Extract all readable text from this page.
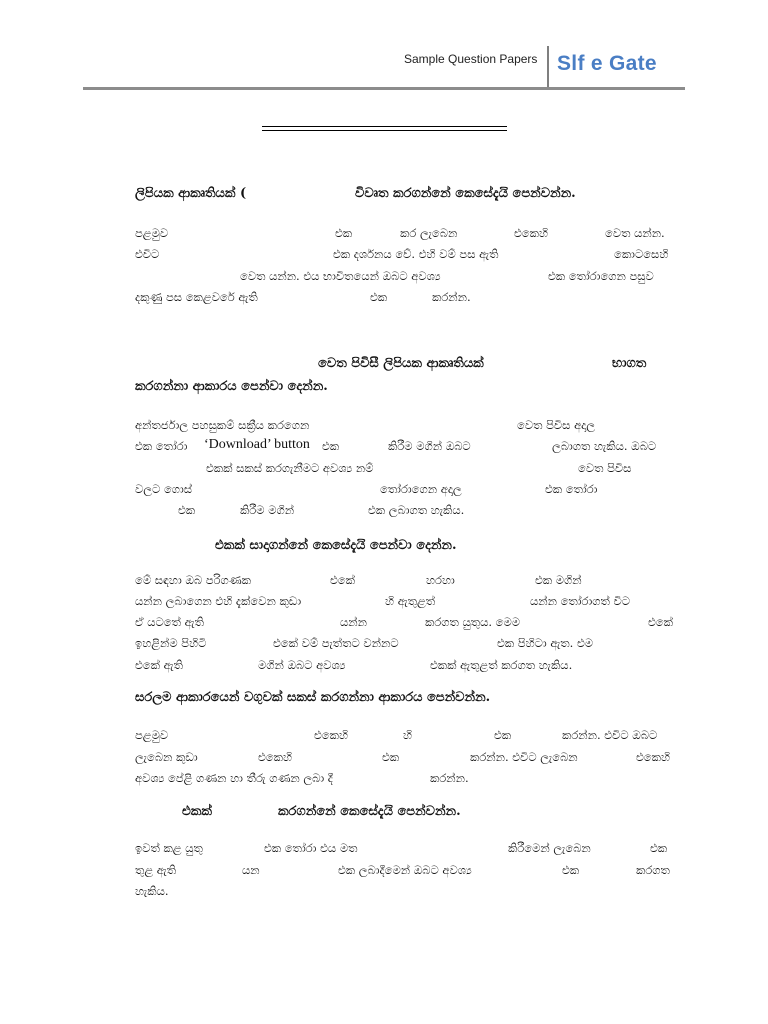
Sample Question Papers Slf e Gate
ලිපියක ආකෘතියක් (	විවෘත කරගන්නේ කෙසේදැයි පෙන්වන්න.
පළමුව	එක	කර ලැබෙන	එකෙහි	වෙත යන්න.
එවිට	එක දර්ශනය වේ. එහි වම් පස ඇති	කොටසෙහි
වෙත යන්න. එය භාවිතයෙන් ඔබට අවශ්‍ය	එක තෝරාගෙන පසුව
දකුණු පස කෙළවරේ ඇති	එක	කරන්න.
වෙත පිවිසී ලිපියක ආකෘතියක්	භාගත
කරගන්නා ආකාරය පෙන්වා දෙන්න.
අන්තර්ජාල පහසුකම් සක්‍රීය කරගෙන	වෙත පිවිස අදාල
එක තෝරා ‘Download’ button එක	කිරීම මගින් ඔබට	ලබාගත හැකිය. ඔබට
එකක් සකස් කරගැනීමට අවශ්‍ය නම්	වෙත පිවිස
වලට ගොස්	තෝරාගෙන අදාල	එක තෝරා
එක	කිරීම මගින්	එක ලබාගත හැකිය.
එකක් සාදාගන්නේ කෙසේදැයි පෙන්වා දෙන්න.
මේ සඳහා ඔබ පරිගණක	එකේ	හරහා	එක මගින්
යන්න ලබාගෙන එහි දැක්වෙන කුඩා	හි ඇතුළත්	යන්න තෝරාගත් විට
ඒ යටතේ ඇති	යන්න	කරගත යුතුය. මෙම	එකේ
ඉහළින්ම පිහිටි	එකේ වම් පැත්තට වන්නට	එක පිහිටා ඇත. එම
එකේ ඇති	මගින් ඔබට අවශ්‍ය	එකක් ඇතුළත් කරගත හැකිය.
සරලම ආකාරයෙන් වගුවක් සකස් කරගන්නා ආකාරය පෙන්වන්න.
පළමුව	එකෙහි	හි	එක	කරන්න. එවිට ඔබට
ලැබෙන කුඩා	එකෙහි	එක	කරන්න. එවිට ලැබෙන	එකෙහි
අවශ්‍ය පේළි ගණන හා තීරු ගණන ලබා දී	කරන්න.
එකක්	කරගන්නේ කෙසේදැයි පෙන්වන්න.
ඉවත් කළ යුතු	එක තෝරා එය මත	කිරීමෙන් ලැබෙන	එක
තුළ ඇති	යන	එක ලබාදීමෙන් ඔබට අවශ්‍ය	එක	කරගත
හැකිය.
